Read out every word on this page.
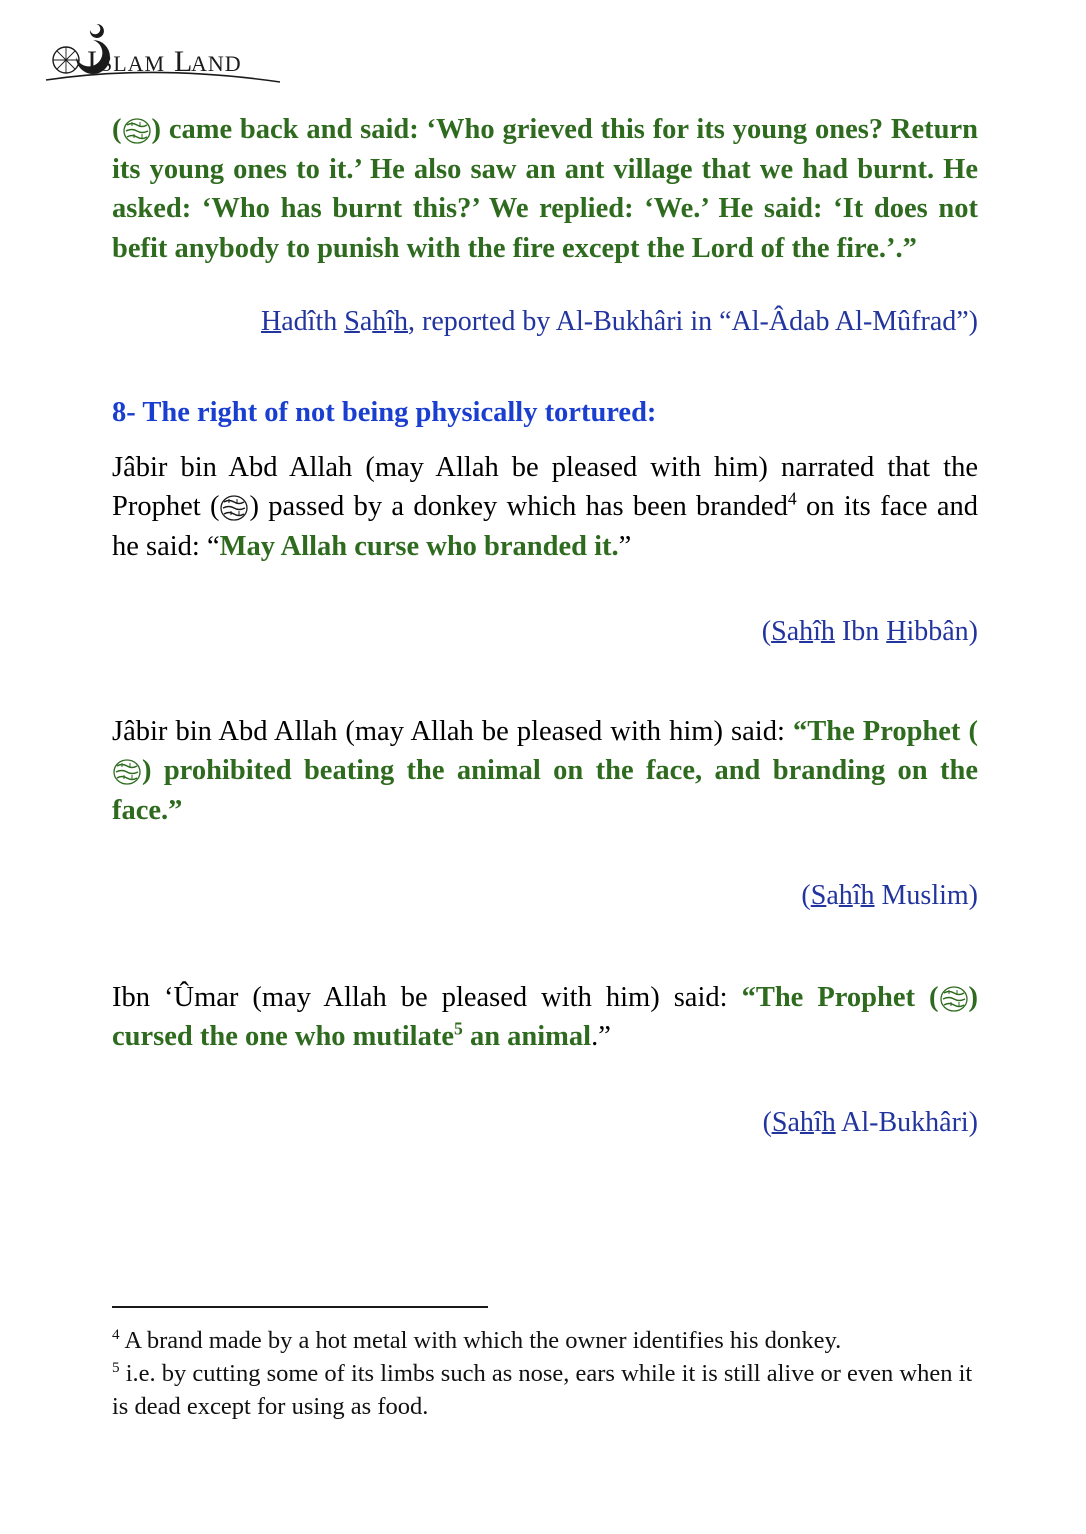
I SLAM L
AND

( ) came back and said: ‘Who grieved this for its young ones? Return its young ones to it.’ He also saw an ant village that we had burnt. He asked: ‘Who has burnt this?’ We replied: ‘We.’ He said: ‘It does not befit anybody to punish with the fire except the Lord of the fire.’.”

Hadîth Sahîh, reported by Al-Bukhâri in “Al-Âdab Al-Mûfrad”)

8- The right of not being physically tortured:

Jâbir bin Abd Allah (may Allah be pleased with him) narrated that the Prophet ( ) passed by a donkey which has been branded$^4$ on its face and he said: “May Allah curse who branded it.”

(Sahîh Ibn Hibbân)

Jâbir bin Abd Allah (may Allah be pleased with him) said: “The Prophet (
) prohibited beating the animal on the face, and branding on the face.”

(Sahîh Muslim)

Ibn ‘Ûmar (may Allah be pleased with him) said: “The Prophet ( ) cursed the one who mutilate$^5$ an animal.”

(Sahîh Al-Bukhâri)

$^4$ A brand made by a hot metal with which the owner identifies his donkey.

$^5$ i.e. by cutting some of its limbs such as nose, ears while it is still alive or even when it is dead except for using as food.
